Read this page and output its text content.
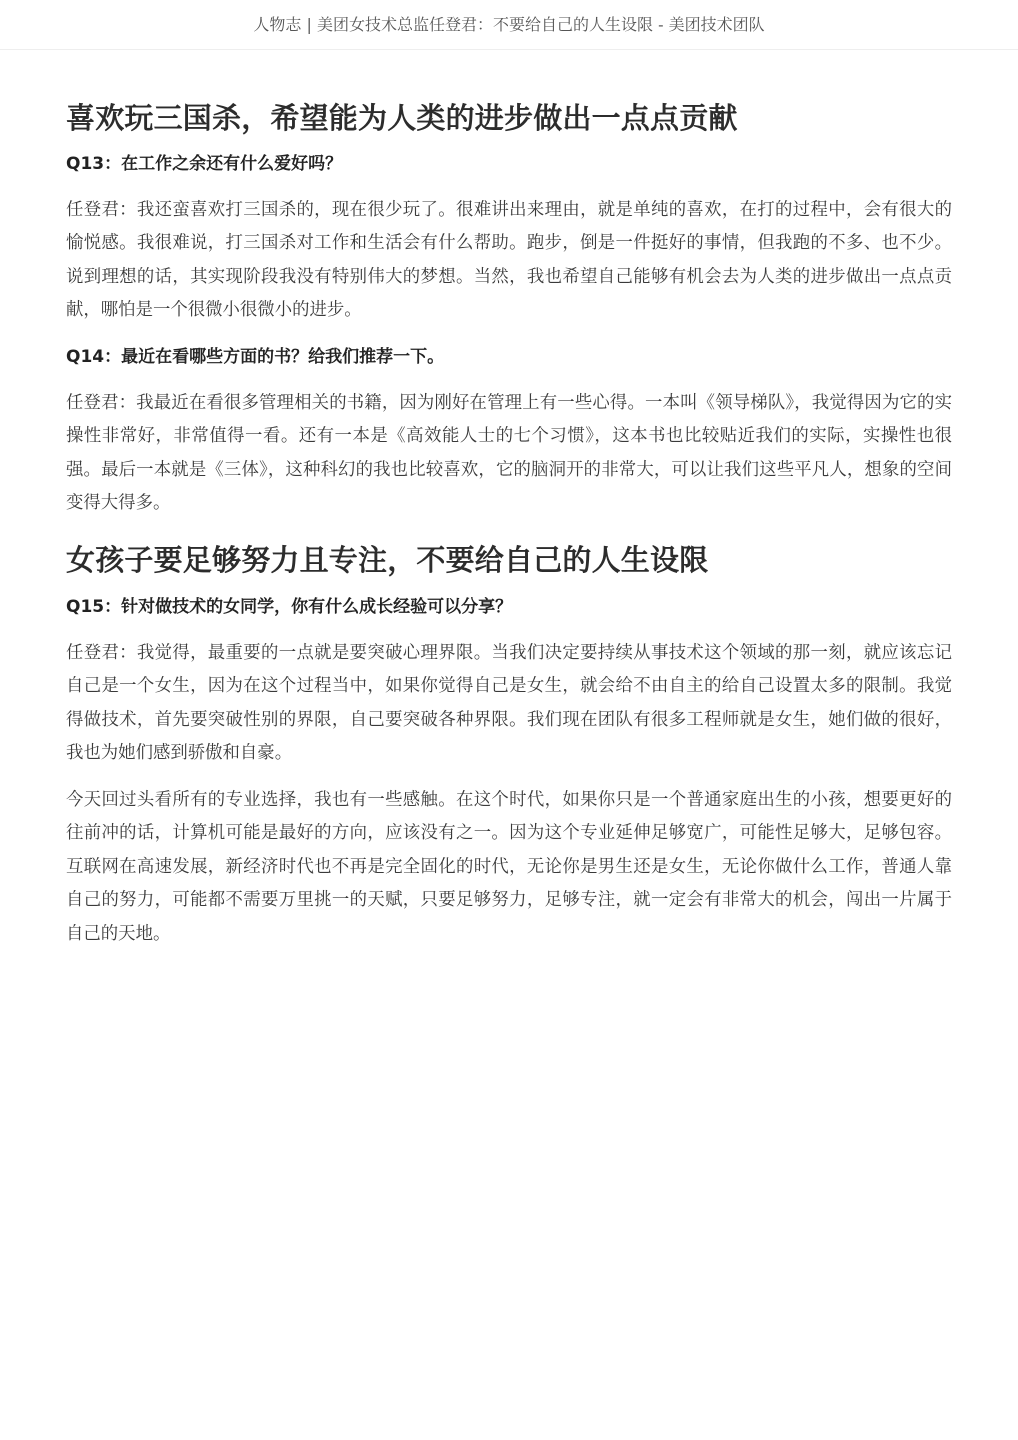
人物志 | 美团女技术总监任登君：不要给自己的人生设限 - 美团技术团队
喜欢玩三国杀，希望能为人类的进步做出一点点贡献
Q13：在工作之余还有什么爱好吗？

任登君：我还蛮喜欢打三国杀的，现在很少玩了。很难讲出来理由，就是单纯的喜欢，在打的过程中，会有很大的愉悦感。我很难说，打三国杀对工作和生活会有什么帮助。跑步，倒是一件挺好的事情，但我跑的不多、也不少。 说到理想的话，其实现阶段我没有特别伟大的梦想。当然，我也希望自己能够有机会去为人类的进步做出一点点贡献，哪怕是一个很微小很微小的进步。

Q14：最近在看哪些方面的书？给我们推荐一下。

任登君：我最近在看很多管理相关的书籍，因为刚好在管理上有一些心得。一本叫《领导梯队》，我觉得因为它的实操性非常好，非常值得一看。还有一本是《高效能人士的七个习惯》，这本书也比较贴近我们的实际，实操性也很强。最后一本就是《三体》，这种科幻的我也比较喜欢，它的脑洞开的非常大，可以让我们这些平凡人，想象的空间变得大得多。

女孩子要足够努力且专注，不要给自己的人生设限
Q15：针对做技术的女同学，你有什么成长经验可以分享？

任登君：我觉得，最重要的一点就是要突破心理界限。当我们决定要持续从事技术这个领域的那一刻，就应该忘记自己是一个女生，因为在这个过程当中，如果你觉得自己是女生，就会给不由自主的给自己设置太多的限制。我觉得做技术，首先要突破性别的界限，自己要突破各种界限。我们现在团队有很多工程师就是女生，她们做的很好，我也为她们感到骄傲和自豪。

今天回过头看所有的专业选择，我也有一些感触。在这个时代，如果你只是一个普通家庭出生的小孩，想要更好的往前冲的话，计算机可能是最好的方向，应该没有之一。因为这个专业延伸足够宽广，可能性足够大，足够包容。互联网在高速发展，新经济时代也不再是完全固化的时代，无论你是男生还是女生，无论你做什么工作，普通人靠自己的努力，可能都不需要万里挑一的天赋，只要足够努力，足够专注，就一定会有非常大的机会，闯出一片属于自己的天地。
